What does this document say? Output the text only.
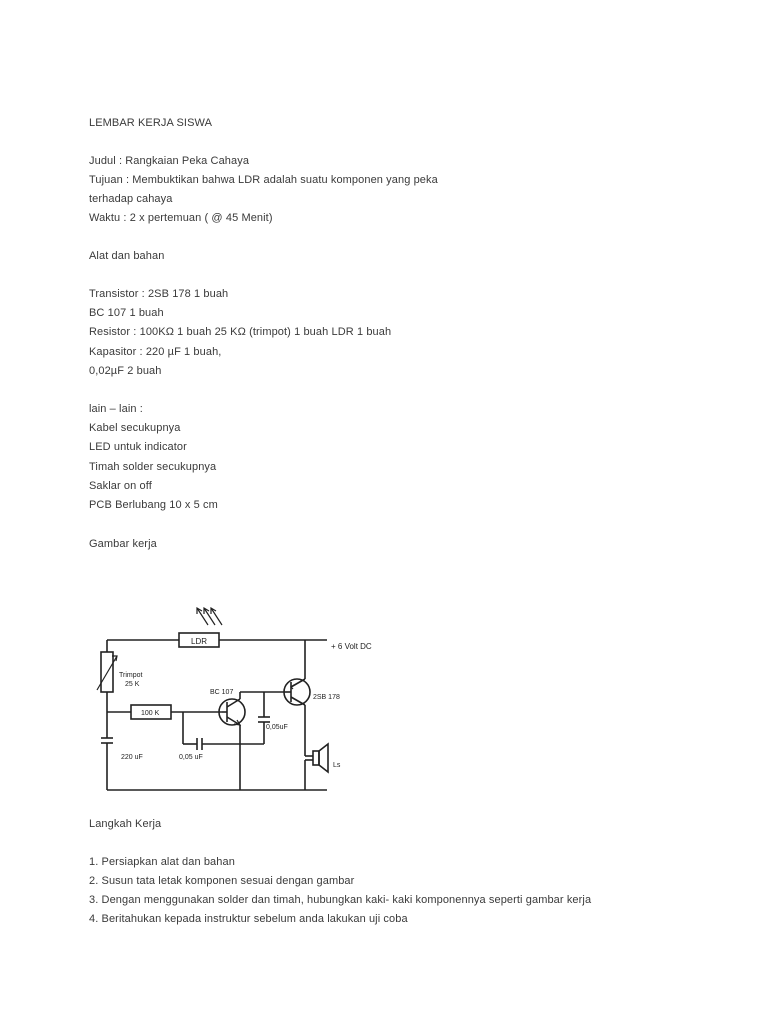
LEMBAR KERJA SISWA
Judul : Rangkaian Peka Cahaya
Tujuan : Membuktikan bahwa LDR adalah suatu komponen yang peka
terhadap cahaya
Waktu : 2 x pertemuan ( @ 45 Menit)
Alat dan bahan
Transistor : 2SB 178 1 buah
BC 107 1 buah
Resistor : 100KΩ 1 buah 25 KΩ (trimpot) 1 buah LDR 1 buah
Kapasitor : 220 µF 1 buah,
0,02µF 2 buah
lain – lain :
Kabel secukupnya
LED untuk indicator
Timah solder secukupnya
Saklar on off
PCB Berlubang 10 x 5 cm
Gambar kerja
LDR
+ 6 Volt DC
Trimpot
25 K
220 uF
100 K
BC 107
0,05uF
0,05 uF
2SB 178
Ls
Langkah Kerja
1. Persiapkan alat dan bahan
2. Susun tata letak komponen sesuai dengan gambar
3. Dengan menggunakan solder dan timah, hubungkan kaki- kaki komponennya seperti gambar kerja
4. Beritahukan kepada instruktur sebelum anda lakukan uji coba
